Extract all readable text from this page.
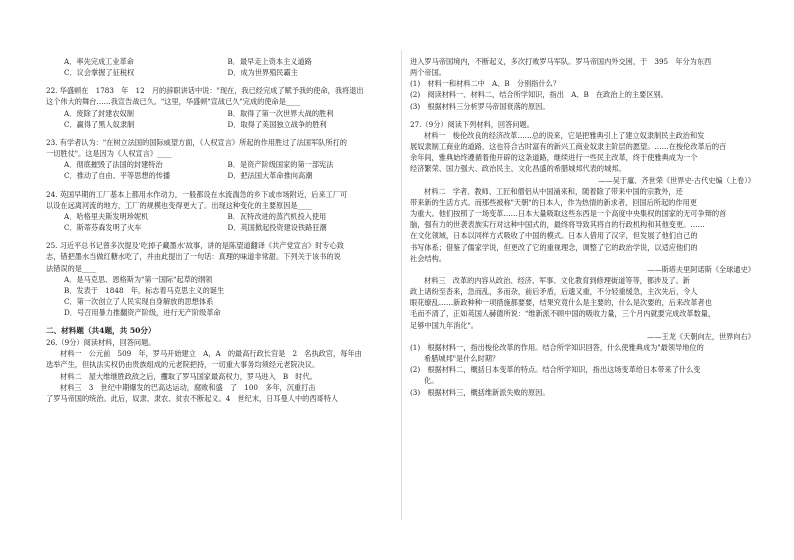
A．率先完成工业革命	B．最早走上资本主义道路
C．议会掌握了征税权	D．成为世界殖民霸主
22. 华盛顿在　1783　年　12　月的辞职讲话中说："现在，我已经完成了赋予我的使命，我将退出
这个伟大的舞台……我宣告战已久。"这里，华盛顿"宣战已久"完成的使命是____
A．废除了封建农奴制	B．取得了第一次世界大战的胜利
C．赢得了黑人奴隶制	D．取得了美国独立战争的胜利
23. 有学者认为："在树立法国的国际威望方面，《人权宣言》所起的作用胜过了法国军队所打的
一切胜仗"。这是因为《人权宣言》____
A．彻底摧毁了法国的封建特治	B．是资产阶级国家的第一部宪法
C．推动了自由、平等思想的传播	D．把法国大革命推向高潮
24. 英国早期的工厂基本上都用水作动力，一般都设在水流湍急的乡下或市场附近，后来工厂可
以设在远离河流的地方，工厂的规模也变得更大了。出现这种变化的主要原因是____
A．哈格里夫斯发明珍妮机	B．瓦特改进的蒸汽机投入使用
C．斯蒂芬森发明了火车	D．英国掀起投资建设铁路狂潮
25. 习近平总书记曾多次提及'吃掉子藏墨水'故事，讲的是陈望道翻译《共产党宣言》时专心致
志，错把墨水当做红糖水吃了，并由此提出了一句话：真理的味道非常甜。下列关于该书的说
法错误的是____
A．是马克思、恩格斯为"第一国际"起草的纲领
B．发表于　1848　年，标志着马克思主义的诞生
C．第一次创立了人民实现自身解放的思想体系
D．号召用暴力推翻资产阶级，进行无产阶级革命
二、材料题（共4题，共 50分）
26.（9分）阅读材料，回答问题。
材料一　公元前　509　年，罗马开始建立　A，A　的最高行政长官是　2　名执政官，每年由
选举产生，但执法实权仍由贵族组成的元老院把持，一切重大事务均须经元老院决议。
材料二　屋大维继胜政敌之后，攫取了罗马国家最高权力，罗马进入　B　时代。
材料三　3　世纪中期爆发的巴高达运动，腐败和盛　了　100　多年，沉重打击
了罗马帝国的统治。此后，奴隶、隶农、贫农不断起义。4　世纪末，日耳曼人中的西哥特人
进入罗马帝国境内，不断起义，多次打败罗马军队。罗马帝国内外交困，于　395　年分为东西
两个帝国。
(1)　材料一和材料二中　A、B　分别指什么？
(2)　阅读材料一、材料二，结合所学知识，指出　A、B　在政治上的主要区别。
(3)　根据材料三分析罗马帝国衰落的原因。
27.（9分）阅读下列材料，回答问题。
材料一　梭伦改良的经济改革……总的说来，它是把雅典引上了建立奴隶制民主政治和发
展奴隶制工商业的道路，这也符合古时富有的新兴工商业奴隶主阶层的愿望。……在梭伦改革后的百
余年间，雅典始终遵循着他开辟的这条道路，继续进行一些民主改革，终于使雅典成为一个
经济繁荣、国力强大、政治民主、文化昌盛的希腊城邦代表的城邦。
——吴于廑、齐世荣《世界史·古代史编（上卷）》
材料二　学者、教师、工匠和僧侣从中国涌来和，随着除了带来中国的宗教外，还
带来新的生活方式。而那些被称"天朝"的日本人，作为热情的新求者，回国后所起的作用更
为重大。他们按照了一场变革……日本大量吸取这些东西是一个高度中央集权的国家的无可争辩的首
脑，强有力的世袭表族实行对这种中国式的，最终将导致其将自的行政机构和其他变更。……
在文化领域，日本以同样方式吸收了中国的模式。日本人借用了汉字，但发展了他们自己的
书写体系；借鉴了儒家学说，但更改了它的重视理念，调整了它的政治学说，以适应他们的
社会结构。
——斯塔夫里阿诺斯《全球通史》
材料三　改革的内容从政治、经济、军事、文化教育到修理街道等等，都涉及了。新
政上诸纷至沓来，急而乱，多而杂，前后矛盾，后遗又重，不分轻重缓急，主次先后，令人
眼花缭乱……新政种种一项措施都要要，结果究竟什么是主要的，什么是次要的，后来改革者也
毛而不清了，正如英国人赫德所说："维新派不顾中国的吸收力量，三个月内就要完成改革数量，
足够中国九年消化"。
——王龙《天朝向左，世界向右》
(1)　根据材料一，指出梭伦改革的作用。结合所学知识回答，什么使雅典成为"最领导地位的
希腊城邦"是什么时期？
(2)　根据材料二，概括日本变革的特点。结合所学知识，指出这场变革给日本带来了什么变
化。
(3)　根据材料三，概括维新派失败的原因。
